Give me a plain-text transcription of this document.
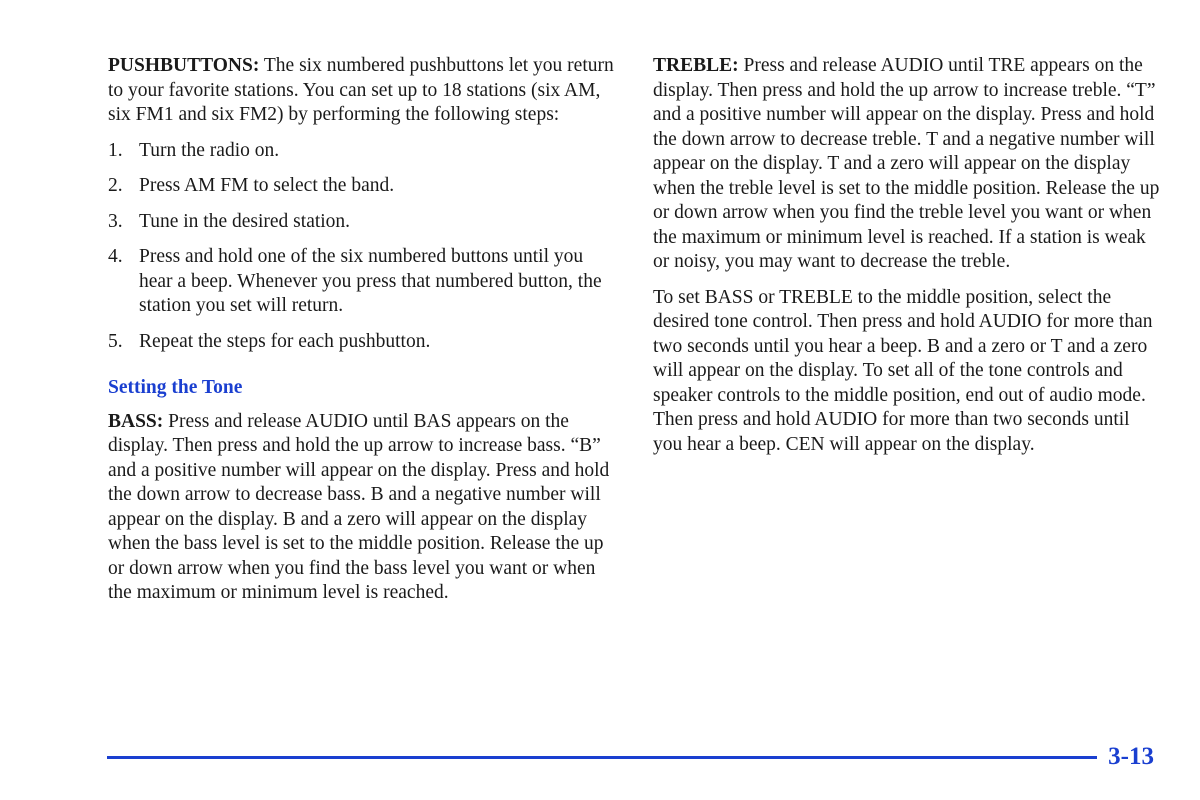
PUSHBUTTONS: The six numbered pushbuttons let you return to your favorite stations. You can set up to 18 stations (six AM, six FM1 and six FM2) by performing the following steps:

1. Turn the radio on.
2. Press AM FM to select the band.
3. Tune in the desired station.
4. Press and hold one of the six numbered buttons until you hear a beep. Whenever you press that numbered button, the station you set will return.
5. Repeat the steps for each pushbutton.
Setting the Tone

BASS: Press and release AUDIO until BAS appears on the display. Then press and hold the up arrow to increase bass. “B” and a positive number will appear on the display. Press and hold the down arrow to decrease bass. B and a negative number will appear on the display. B and a zero will appear on the display when the bass level is set to the middle position. Release the up or down arrow when you find the bass level you want or when the maximum or minimum level is reached.

TREBLE: Press and release AUDIO until TRE appears on the display. Then press and hold the up arrow to increase treble. “T” and a positive number will appear on the display. Press and hold the down arrow to decrease treble. T and a negative number will appear on the display. T and a zero will appear on the display when the treble level is set to the middle position. Release the up or down arrow when you find the treble level you want or when the maximum or minimum level is reached. If a station is weak or noisy, you may want to decrease the treble.

To set BASS or TREBLE to the middle position, select the desired tone control. Then press and hold AUDIO for more than two seconds until you hear a beep. B and a zero or T and a zero will appear on the display. To set all of the tone controls and speaker controls to the middle position, end out of audio mode. Then press and hold AUDIO for more than two seconds until you hear a beep. CEN will appear on the display.

3-13
